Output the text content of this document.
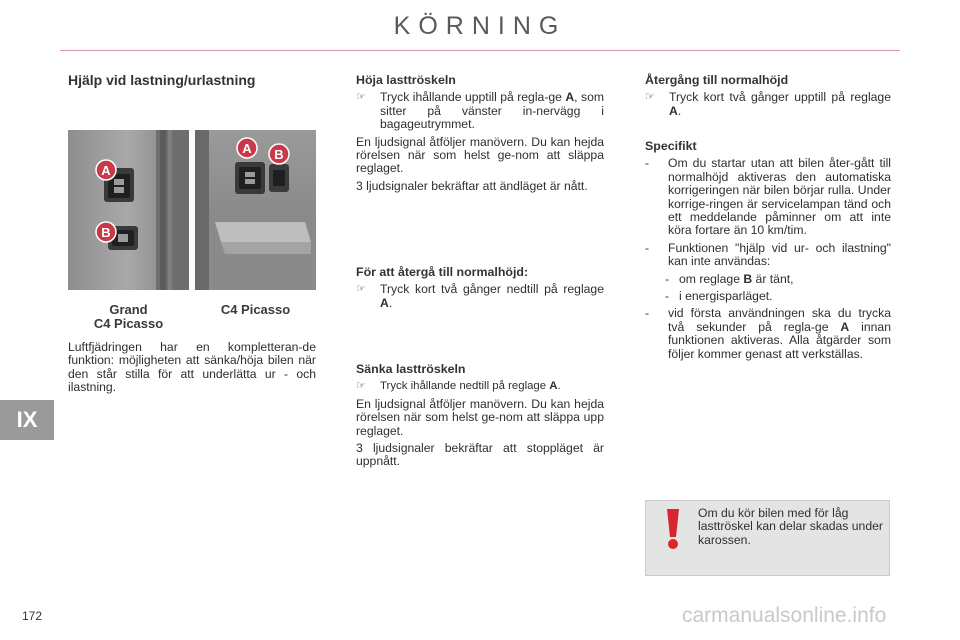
KÖRNING
IX
172	carmanualsonline.info
Hjälp vid lastning/urlastning
A
B
A B
Grand
C4 Picasso
C4 Picasso
Luftfjädringen har en kompletteran-de funktion: möjligheten att sänka/höja bilen när den står stilla för att underlätta ur - och ilastning.
Höja lasttröskeln
☞	Tryck ihållande upptill på regla-ge A, som sitter på vänster in-nervägg i bagageutrymmet.

En ljudsignal åtföljer manövern. Du kan hejda rörelsen när som helst ge-nom att släppa reglaget.

3 ljudsignaler bekräftar att ändläget är nått.

För att återgå till normalhöjd:
☞	Tryck kort två gånger nedtill på reglage A.
Sänka lasttröskeln
☞	Tryck ihållande nedtill på reglage A.

En ljudsignal åtföljer manövern. Du kan hejda rörelsen när som helst ge-nom att släppa upp reglaget.

3 ljudsignaler bekräftar att stoppläget är uppnått.

Återgång till normalhöjd
☞	Tryck kort två gånger upptill på reglage A.
Specifikt
-	Om du startar utan att bilen åter-gått till normalhöjd aktiveras den automatiska korrigeringen när bilen börjar rulla. Under korrige-ringen är servicelampan tänd och ett meddelande påminner om att inte köra fortare än 10 km/tim.
-	Funktionen "hjälp vid ur- och ilastning" kan inte användas:
- om reglage B är tänt,
- i energisparläget.
-	vid första användningen ska du trycka två sekunder på regla-ge A innan funktionen aktiveras. Alla åtgärder som följer kommer genast att verkställas.
Om du kör bilen med för låg lasttröskel kan delar skadas under karossen.
